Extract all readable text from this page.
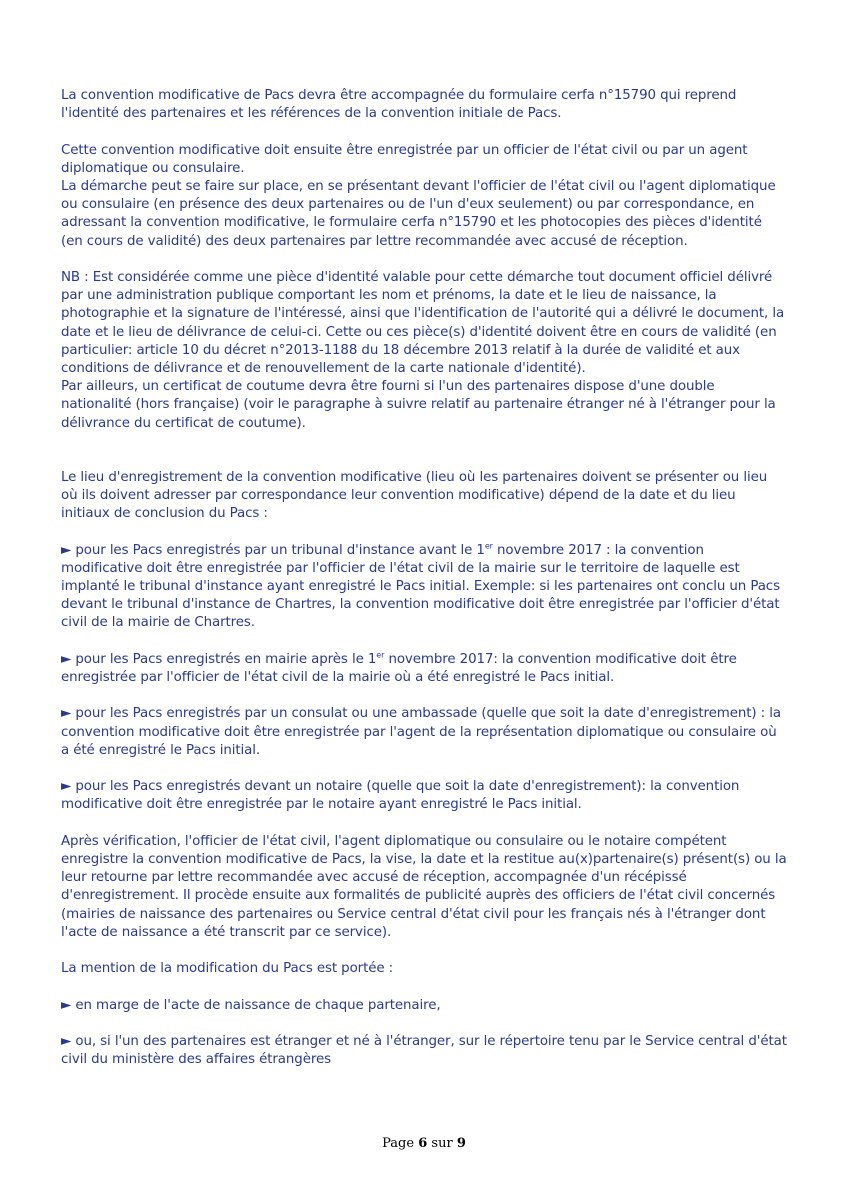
La convention modificative de Pacs devra être accompagnée du formulaire cerfa n°15790 qui reprend l'identité des partenaires et les références de la convention initiale de Pacs.

Cette convention modificative doit ensuite être enregistrée par un officier de l'état civil ou par un agent diplomatique ou consulaire.

La démarche peut se faire sur place, en se présentant devant l'officier de l'état civil ou l'agent diplomatique ou consulaire (en présence des deux partenaires ou de l'un d'eux seulement) ou par correspondance, en adressant la convention modificative, le formulaire cerfa n°15790 et les photocopies des pièces d'identité (en cours de validité) des deux partenaires par lettre recommandée avec accusé de réception.

NB : Est considérée comme une pièce d'identité valable pour cette démarche tout document officiel délivré par une administration publique comportant les nom et prénoms, la date et le lieu de naissance, la photographie et la signature de l'intéressé, ainsi que l'identification de l'autorité qui a délivré le document, la date et le lieu de délivrance de celui-ci. Cette ou ces pièce(s) d'identité doivent être en cours de validité (en particulier: article 10 du décret n°2013-1188 du 18 décembre 2013 relatif à la durée de validité et aux conditions de délivrance et de renouvellement de la carte nationale d'identité).

Par ailleurs, un certificat de coutume devra être fourni si l'un des partenaires dispose d'une double nationalité (hors française) (voir le paragraphe à suivre relatif au partenaire étranger né à l'étranger pour la délivrance du certificat de coutume).

Le lieu d'enregistrement de la convention modificative (lieu où les partenaires doivent se présenter ou lieu où ils doivent adresser par correspondance leur convention modificative) dépend de la date et du lieu initiaux de conclusion du Pacs :

► pour les Pacs enregistrés par un tribunal d'instance avant le 1er novembre 2017 : la convention modificative doit être enregistrée par l'officier de l'état civil de la mairie sur le territoire de laquelle est implanté le tribunal d'instance ayant enregistré le Pacs initial. Exemple: si les partenaires ont conclu un Pacs devant le tribunal d'instance de Chartres, la convention modificative doit être enregistrée par l'officier d'état civil de la mairie de Chartres.

► pour les Pacs enregistrés en mairie après le 1er novembre 2017: la convention modificative doit être enregistrée par l'officier de l'état civil de la mairie où a été enregistré le Pacs initial.

► pour les Pacs enregistrés par un consulat ou une ambassade (quelle que soit la date d'enregistrement) : la convention modificative doit être enregistrée par l'agent de la représentation diplomatique ou consulaire où a été enregistré le Pacs initial.

► pour les Pacs enregistrés devant un notaire (quelle que soit la date d'enregistrement): la convention modificative doit être enregistrée par le notaire ayant enregistré le Pacs initial.

Après vérification, l'officier de l'état civil, l'agent diplomatique ou consulaire ou le notaire compétent enregistre la convention modificative de Pacs, la vise, la date et la restitue au(x)partenaire(s) présent(s) ou la leur retourne par lettre recommandée avec accusé de réception, accompagnée d'un récépissé d'enregistrement. Il procède ensuite aux formalités de publicité auprès des officiers de l'état civil concernés (mairies de naissance des partenaires ou Service central d'état civil pour les français nés à l'étranger dont l'acte de naissance a été transcrit par ce service).

La mention de la modification du Pacs est portée :

► en marge de l'acte de naissance de chaque partenaire,

► ou, si l'un des partenaires est étranger et né à l'étranger, sur le répertoire tenu par le Service central d'état civil du ministère des affaires étrangères

Page 6 sur 9
